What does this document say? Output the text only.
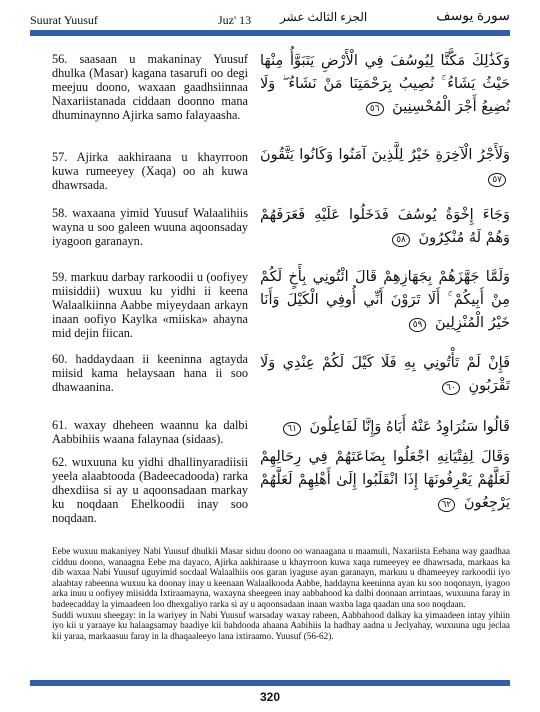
Suurat Yuusuf	Juz' 13 الجزء الثالث عشر	سورة يوسف
56. saasaan u makaninay Yuusuf dhulka (Masar) kagana tasarufi oo degi meejuu doono, waxaan gaadhsiinnaa Naxariistanada ciddaan doonno mana dhuminaynno Ajirka samo falayaasha.
وَكَذَٰلِكَ مَكَّنَّا لِيُوسُفَ فِي الْأَرْضِ يَتَبَوَّأُ مِنْهَا حَيْثُ يَشَاءُ ۚ نُصِيبُ بِرَحْمَتِنَا مَنْ نَشَاءُ ۖ وَلَا نُضِيعُ أَجْرَ الْمُحْسِنِينَ ٥٦
57. Ajirka aakhiraana u khayrroon kuwa rumeeyey (Xaqa) oo ah kuwa dhawrsada.
وَلَأَجْرُ الْآخِرَةِ خَيْرٌ لِلَّذِينَ آمَنُوا وَكَانُوا يَتَّقُونَ ٥٧
58. waxaana yimid Yuusuf Walaalihiis wayna u soo galeen wuuna aqoonsaday iyagoon garanayn.
وَجَاءَ إِخْوَةُ يُوسُفَ فَدَخَلُوا عَلَيْهِ فَعَرَفَهُمْ وَهُمْ لَهُ مُنْكِرُونَ ٥٨
59. markuu darbay rarkoodii u (oofiyey miisiddii) wuxuu ku yidhi ii keena Walaalkiinna Aabbe miyeydaan arkayn inaan oofiyo Kaylka «miiska» ahayna mid dejin fiican.
وَلَمَّا جَهَّزَهُمْ بِجَهَازِهِمْ قَالَ ائْتُونِي بِأَخٍ لَكُمْ مِنْ أَبِيكُمْ ۚ أَلَا تَرَوْنَ أَنِّي أُوفِي الْكَيْلَ وَأَنَا خَيْرُ الْمُنْزِلِينَ ٥٩
60. haddaydaan ii keeninna agtayda miisid kama helaysaan hana ii soo dhawaanina.
فَإِنْ لَمْ تَأْتُونِي بِهِ فَلَا كَيْلَ لَكُمْ عِنْدِي وَلَا تَقْرَبُونِ ٦٠
61. waxay dheheen waannu ka dalbi Aabbihiis waana falaynaa (sidaas).
قَالُوا سَنُرَاوِدُ عَنْهُ أَبَاهُ وَإِنَّا لَفَاعِلُونَ ٦١
62. wuxuuna ku yidhi dhallinyaradiisii yeela alaabtooda (Badeecadooda) rarka dhexdiisa si ay u aqoonsadaan markay ku noqdaan Ehelkoodii inay soo noqdaan.
وَقَالَ لِفِتْيَانِهِ اجْعَلُوا بِضَاعَتَهُمْ فِي رِحَالِهِمْ لَعَلَّهُمْ يَعْرِفُونَهَا إِذَا انْقَلَبُوا إِلَىٰ أَهْلِهِمْ لَعَلَّهُمْ يَرْجِعُونَ ٦٢

Eebe wuxuu makaniyey Nabi Yuusuf dhulkii Masar siduu doono oo wanaagana u maamuli, Naxariista Eebana way gaadhaa cidduu doono, wanaagna Eebe ma dayaco, Ajirka aakhiraase u khayrroon kuwa xaqa rumeeyey ee dhawrsada, markaas ka dib waxaa Nabi Yuusuf uguyimid socdaal Walaalhiis oos garan iyaguse ayan garanayn, markuu u dhameeyey rarkoodii iyo alaabtay rabeenna wuxuu ka doonay inay u keenaan Walaalkooda Aabbe, haddayna keeninna ayan ku soo noqonayn, iyagoo arka inuu u oofiyey miisidda Ixtiraamayna, waxayna sheegeen inay aabbahood ka dalbi doonaan arrintaas, wuxuuna faray in badeecadday la yimaadeen loo dhexgaliyo rarka si ay u aqoonsadaan inaan waxba laga qaadan una soo noqdaan.

Suddi wuxuu sheegay: in la wariyey in Nabi Yuusuf warsaday waxay rabeen, Aabbahood dalkay ka yimaadeen intay yihiin iyo kii u yaraaye ku halaagsamay baadiye kii bahdooda ahaana Aabihiis la hadhay aadna u Jeclyahay, wuxuuna ugu jeclaa kii yaraa, markaasuu faray in la dhaqaaleeyo lana ixtiraamo. Yuusuf (56-62).

320
